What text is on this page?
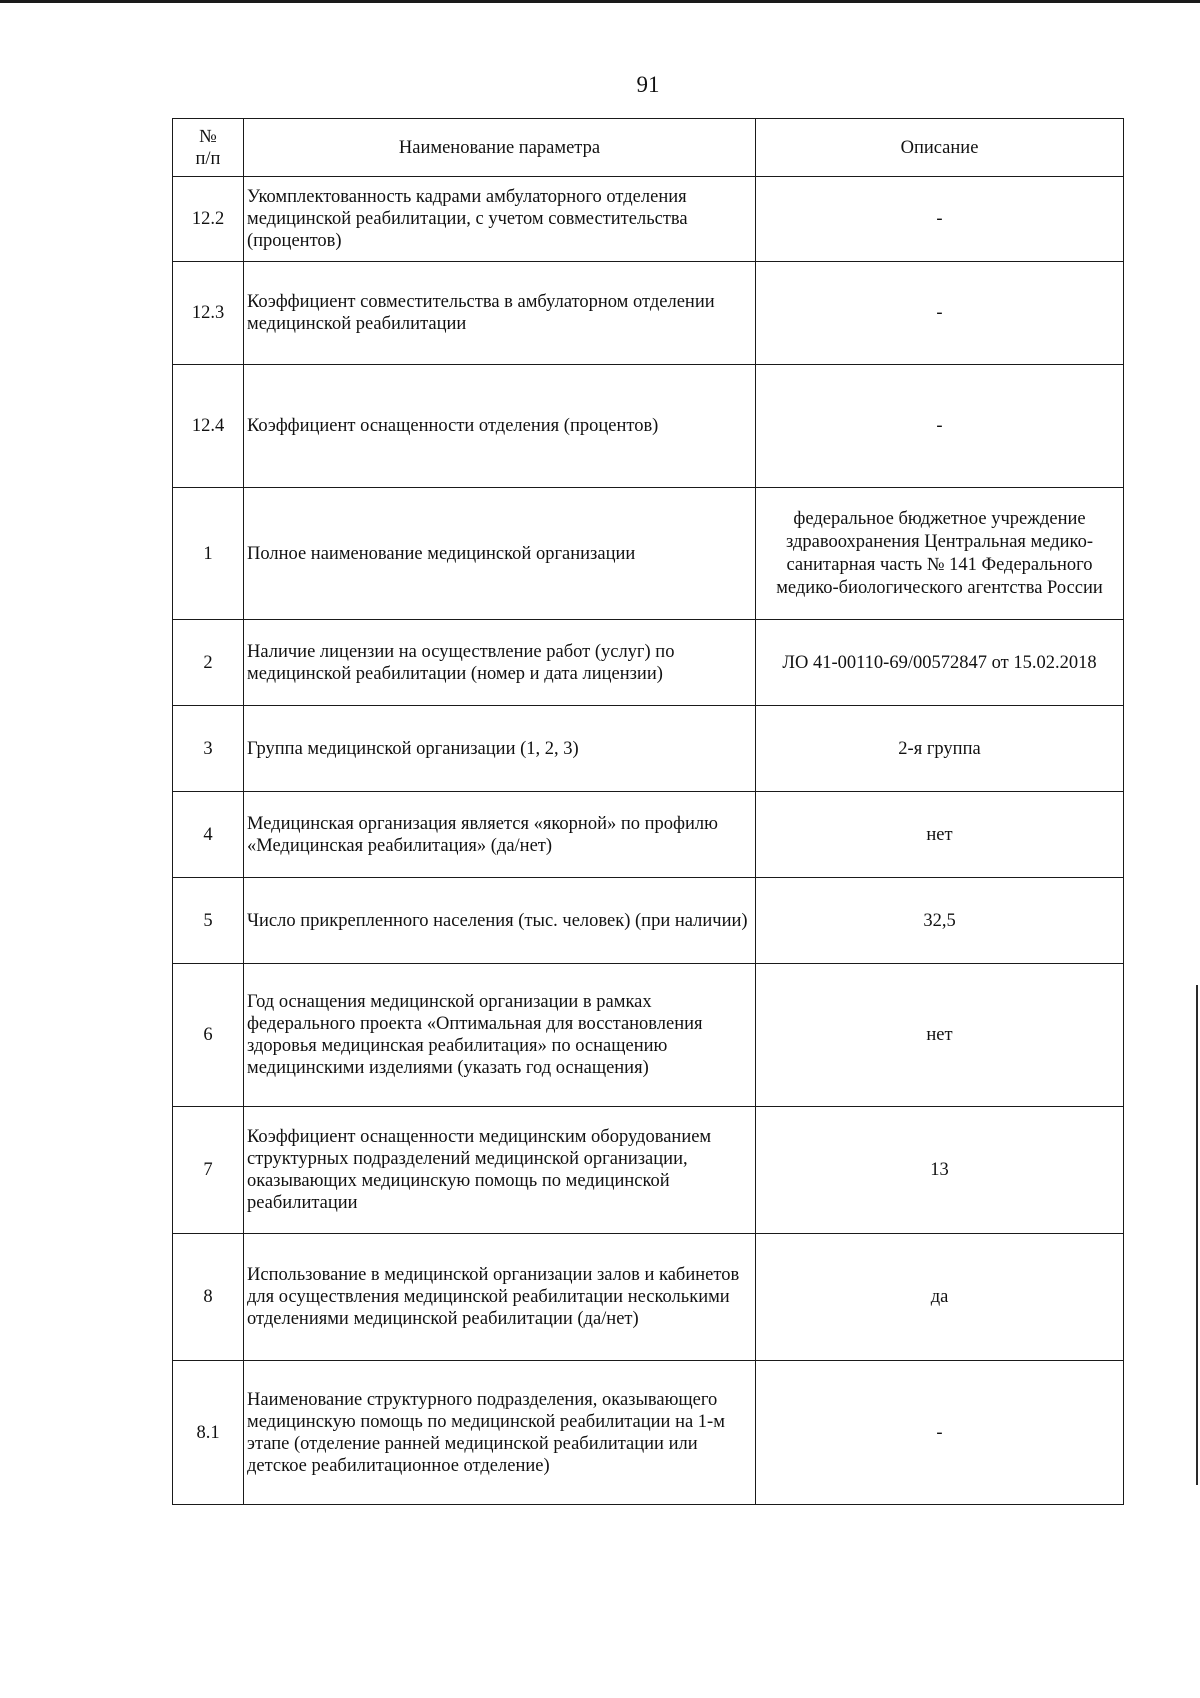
91
№
п/п	Наименование параметра	Описание
12.2	Укомплектованность кадрами амбулаторного отделения медицинской реабилитации, с учетом совместительства (процентов)	-
12.3	Коэффициент совместительства в амбулаторном отделении медицинской реабилитации	-
12.4	Коэффициент оснащенности отделения (процентов)	-
1	Полное наименование медицинской организации	федеральное бюджетное учреждение здравоохранения Центральная медико-санитарная часть № 141 Федерального медико-биологического агентства России
2	Наличие лицензии на осуществление работ (услуг) по медицинской реабилитации (номер и дата лицензии)	ЛО 41-00110-69/00572847 от 15.02.2018
3	Группа медицинской организации (1, 2, 3)	2-я группа
4	Медицинская организация является «якорной» по профилю «Медицинская реабилитация» (да/нет)	нет
5	Число прикрепленного населения (тыс. человек) (при наличии)	32,5
6	Год оснащения медицинской организации в рамках федерального проекта «Оптимальная для восстановления здоровья медицинская реабилитация» по оснащению медицинскими изделиями (указать год оснащения)	нет
7	Коэффициент оснащенности медицинским оборудованием структурных подразделений медицинской организации, оказывающих медицинскую помощь по медицинской реабилитации	13
8	Использование в медицинской организации залов и кабинетов для осуществления медицинской реабилитации несколькими отделениями медицинской реабилитации (да/нет)	да
8.1	Наименование структурного подразделения, оказывающего медицинскую помощь по медицинской реабилитации на 1-м этапе (отделение ранней медицинской реабилитации или детское реабилитационное отделение)	-
